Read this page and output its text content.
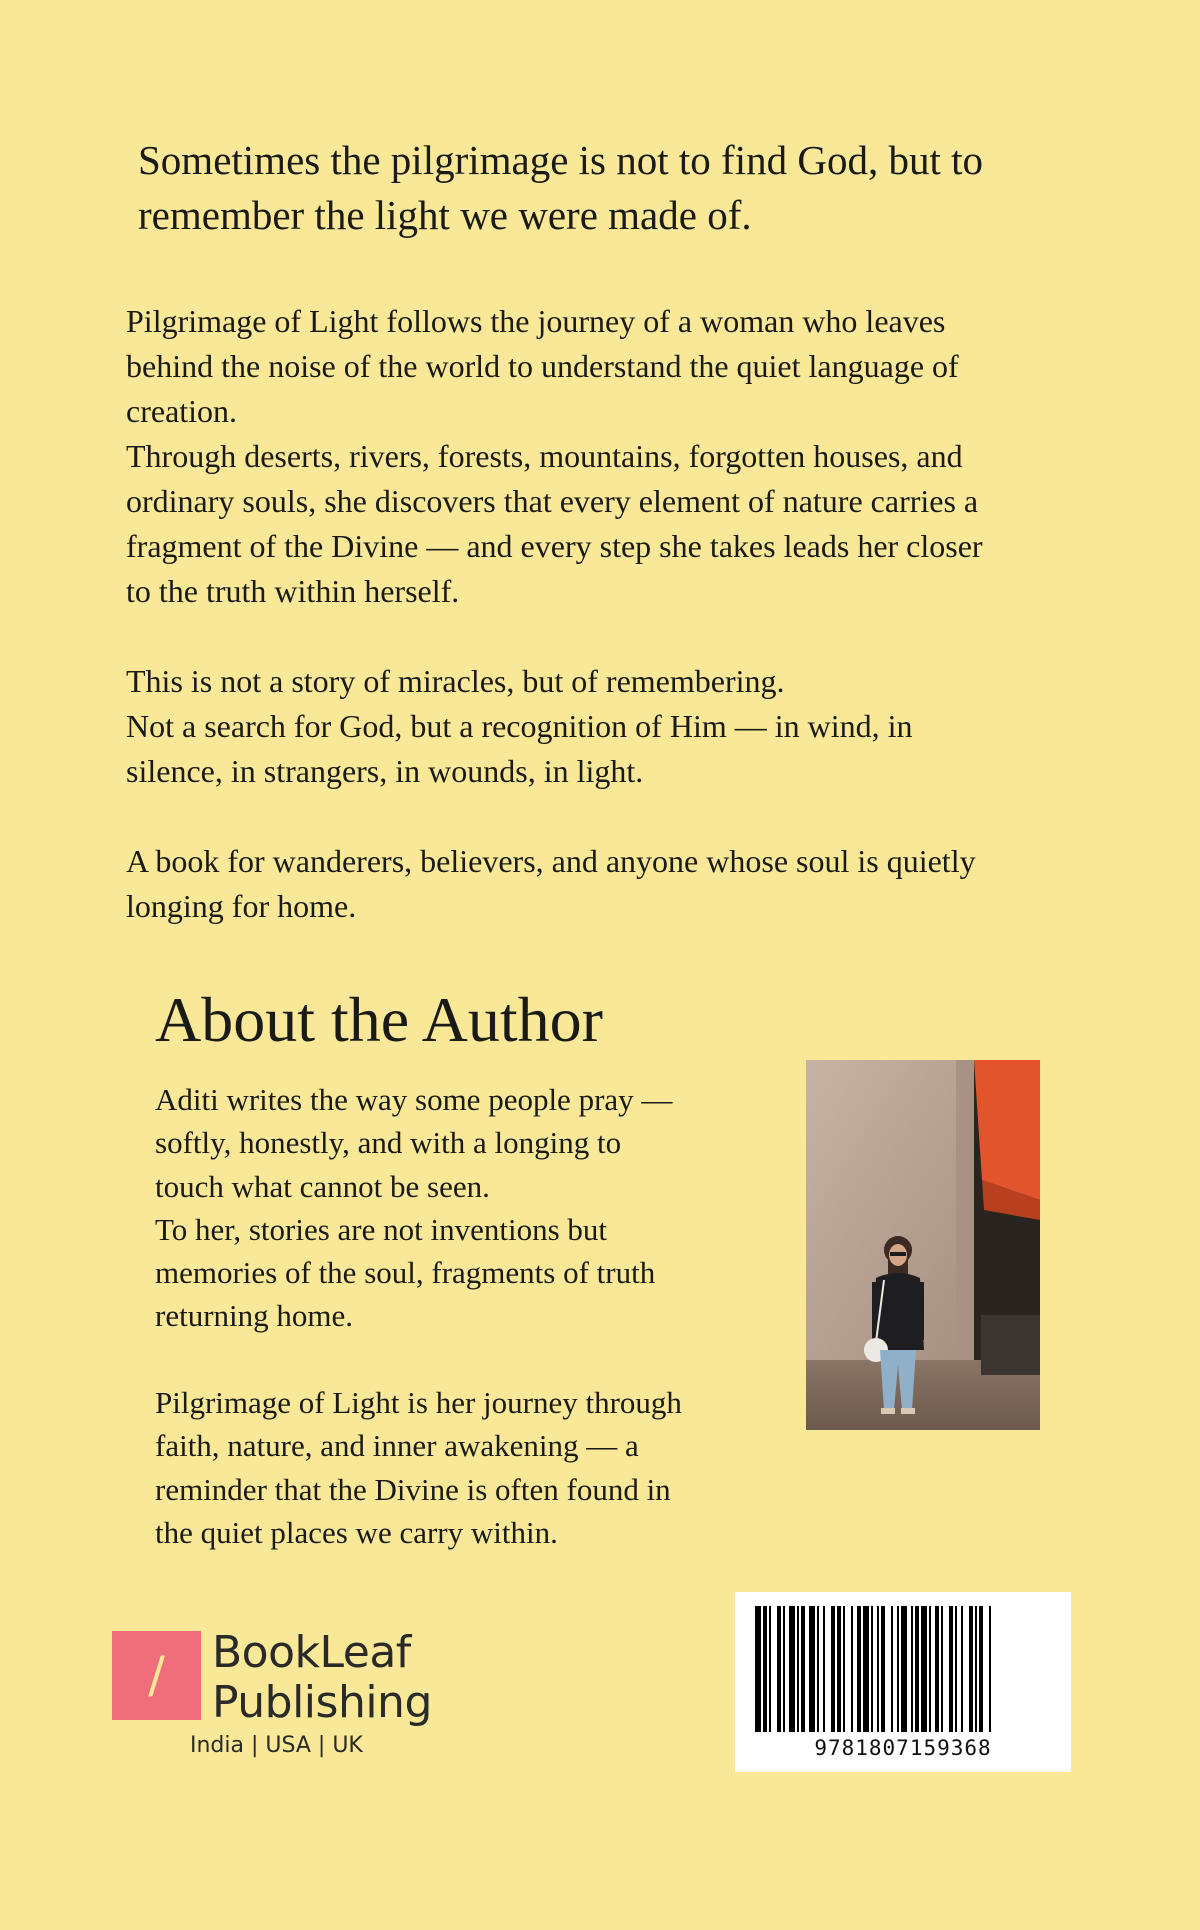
Sometimes the pilgrimage is not to find God, but to
remember the light we were made of.
Pilgrimage of Light follows the journey of a woman who leaves
behind the noise of the world to understand the quiet language of
creation.
Through deserts, rivers, forests, mountains, forgotten houses, and
ordinary souls, she discovers that every element of nature carries a
fragment of the Divine — and every step she takes leads her closer
to the truth within herself.
This is not a story of miracles, but of remembering.
Not a search for God, but a recognition of Him — in wind, in
silence, in strangers, in wounds, in light.
A book for wanderers, believers, and anyone whose soul is quietly
longing for home.
About the Author
Aditi writes the way some people pray —
softly, honestly, and with a longing to
touch what cannot be seen.
To her, stories are not inventions but
memories of the soul, fragments of truth
returning home.
Pilgrimage of Light is her journey through
faith, nature, and inner awakening — a
reminder that the Divine is often found in
the quiet places we carry within.
/	BookLeaf
Publishing
India | USA | UK	9781807159368
